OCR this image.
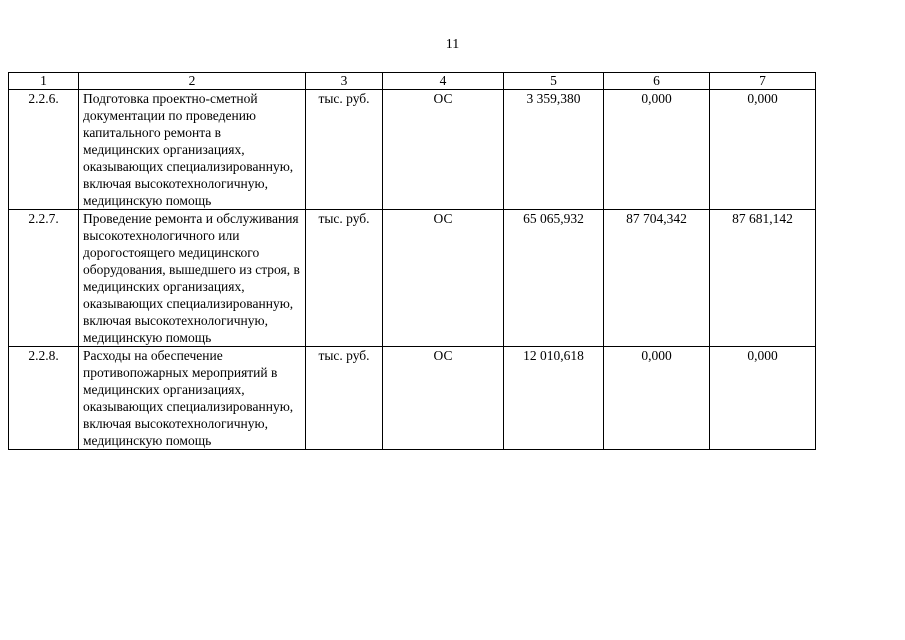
11
1	2	3	4	5	6	7
2.2.6.	Подготовка проектно-сметной документации по проведению капитального ремонта в медицинских организациях, оказывающих специализированную, включая высокотехнологичную, медицинскую помощь	тыс. руб.	ОС	3 359,380	0,000	0,000
2.2.7.	Проведение ремонта и обслуживания высокотехнологичного или дорогостоящего медицинского оборудования, вышедшего из строя, в медицинских организациях, оказывающих специализированную, включая высокотехнологичную, медицинскую помощь	тыс. руб.	ОС	65 065,932	87 704,342	87 681,142
2.2.8.	Расходы на обеспечение противопожарных мероприятий в медицинских организациях, оказывающих специализированную, включая высокотехнологичную, медицинскую помощь	тыс. руб.	ОС	12 010,618	0,000	0,000
